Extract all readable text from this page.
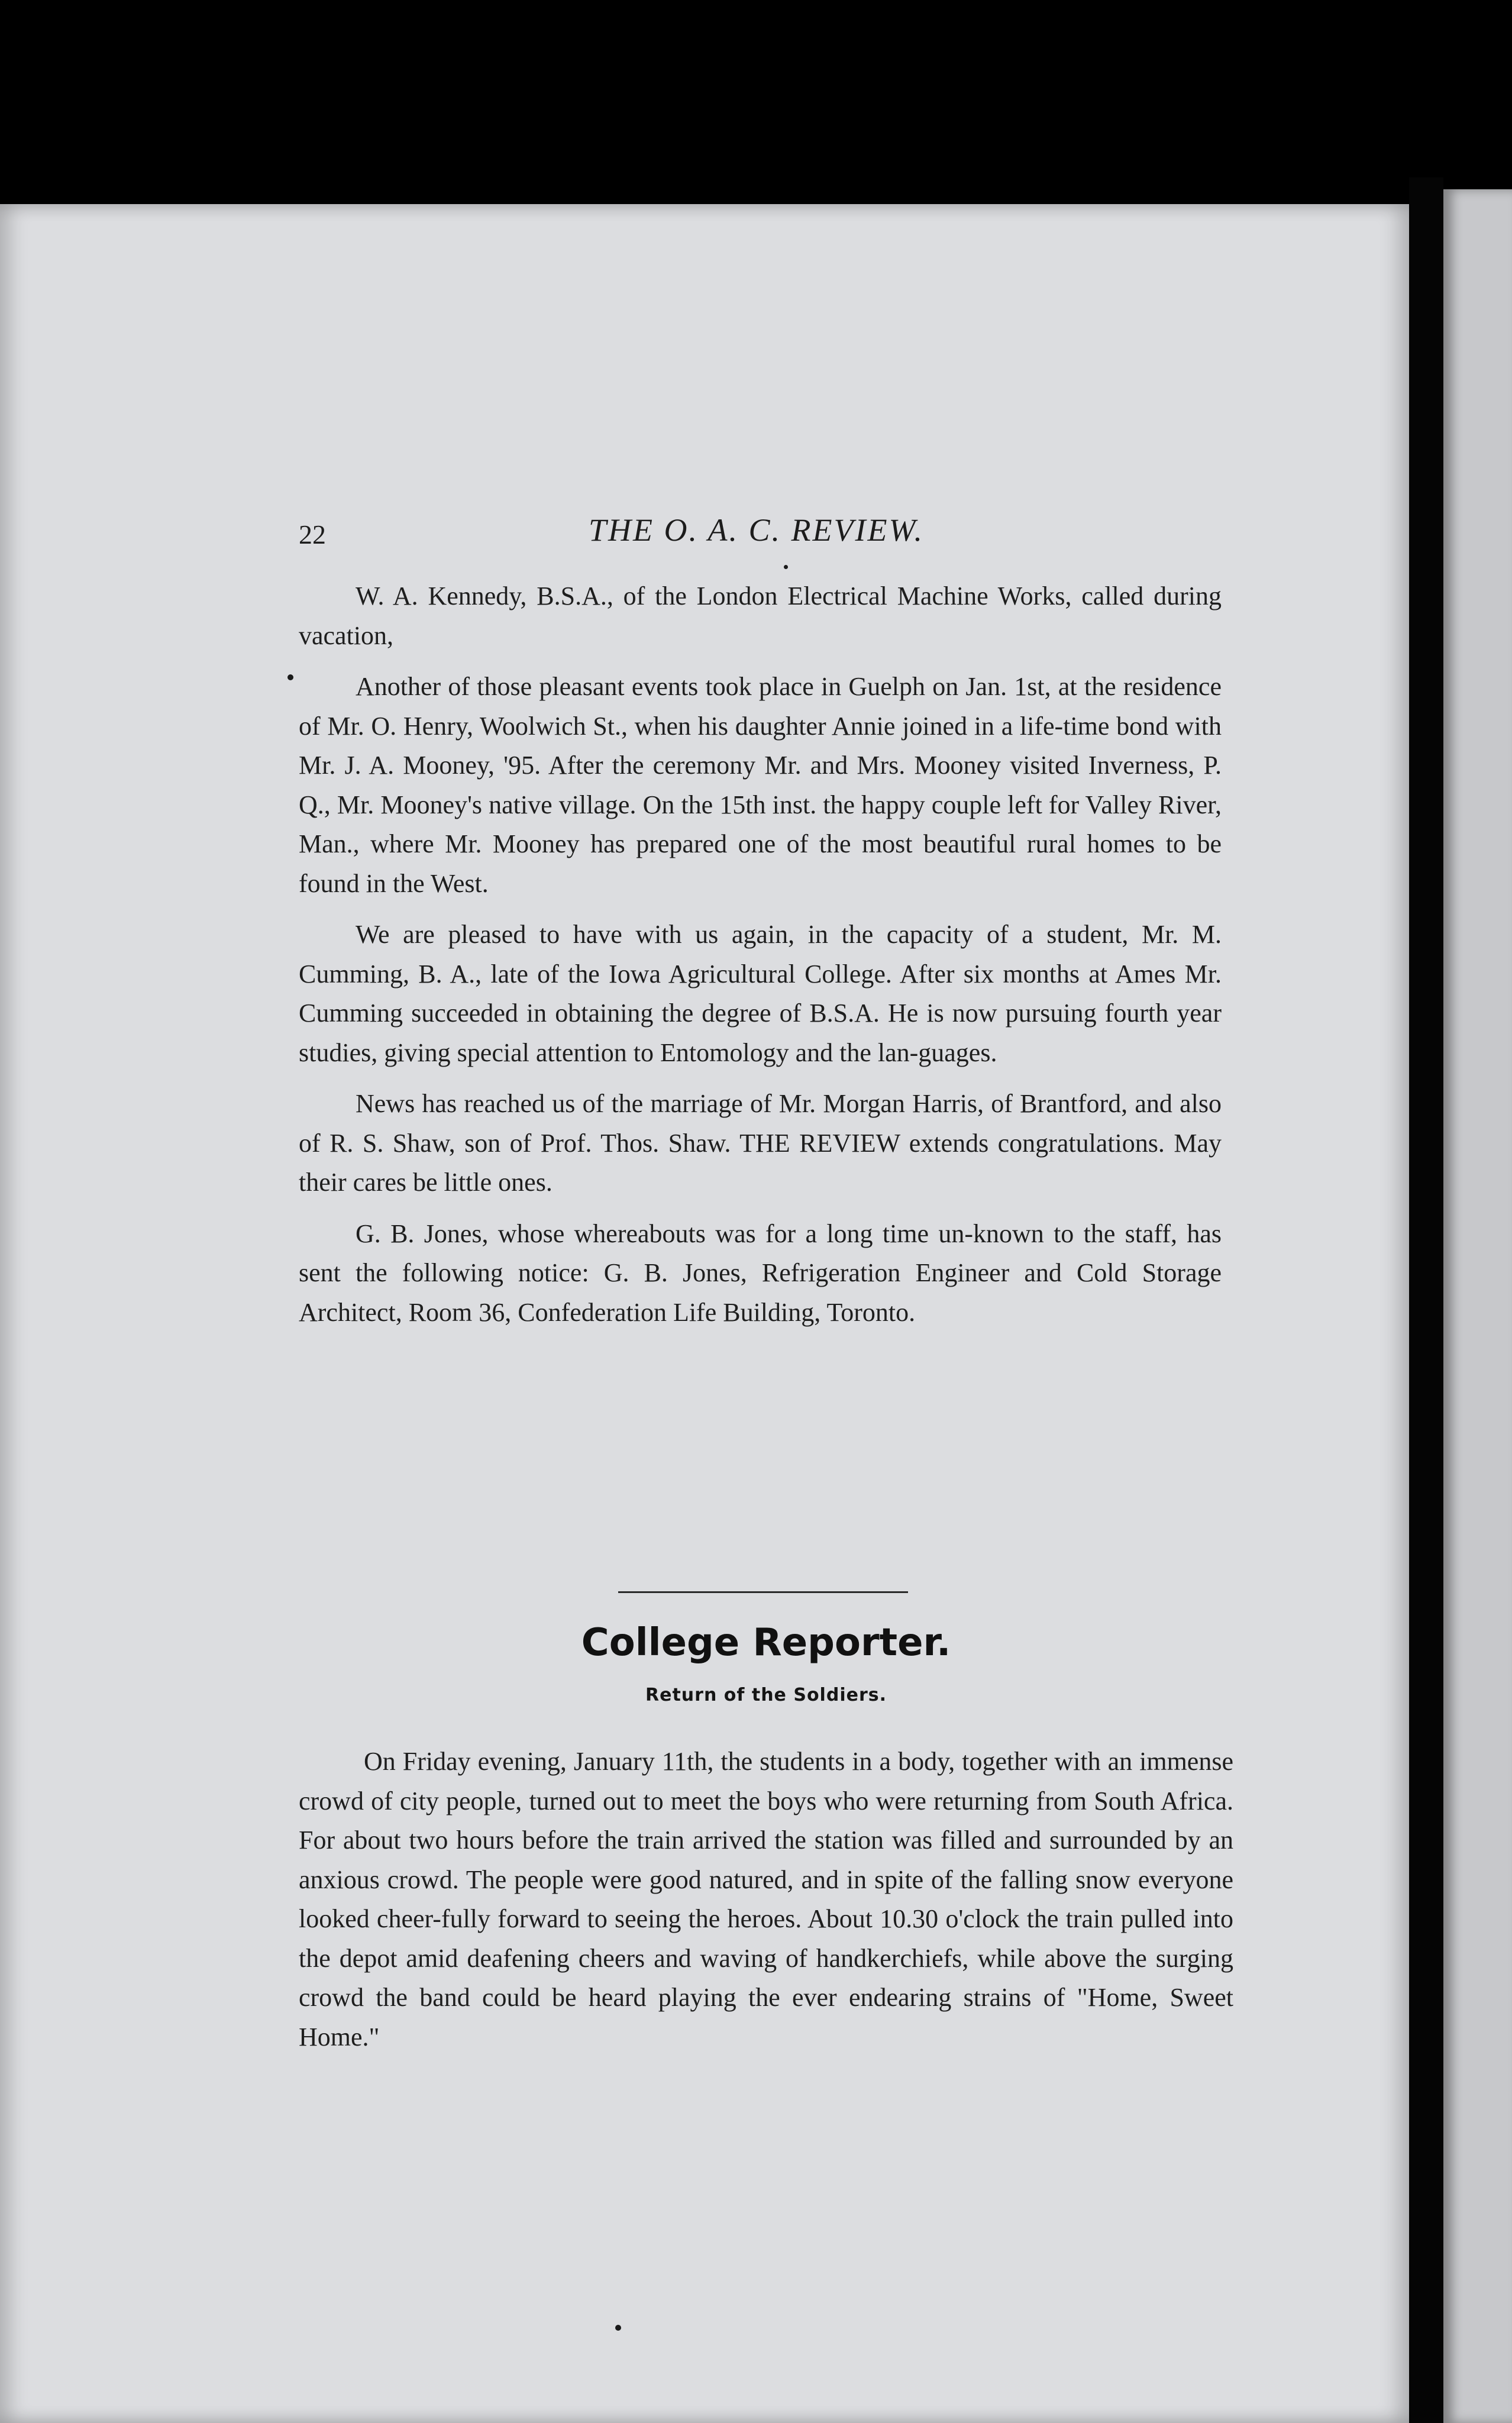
22	THE O. A. C. REVIEW.

W. A. Kennedy, B.S.A., of the London Electrical Machine Works, called during vacation,

Another of those pleasant events took place in Guelph on Jan. 1st, at the residence of Mr. O. Henry, Woolwich St., when his daughter Annie joined in a life-time bond with Mr. J. A. Mooney, '95. After the ceremony Mr. and Mrs. Mooney visited Inverness, P. Q., Mr. Mooney's native village. On the 15th inst. the happy couple left for Valley River, Man., where Mr. Mooney has prepared one of the most beautiful rural homes to be found in the West.

We are pleased to have with us again, in the capacity of a student, Mr. M. Cumming, B. A., late of the Iowa Agricultural College. After six months at Ames Mr. Cumming succeeded in obtaining the degree of B.S.A. He is now pursuing fourth year studies, giving special attention to Entomology and the lan-guages.

News has reached us of the marriage of Mr. Morgan Harris, of Brantford, and also of R. S. Shaw, son of Prof. Thos. Shaw. THE REVIEW extends congratulations. May their cares be little ones.

G. B. Jones, whose whereabouts was for a long time un-known to the staff, has sent the following notice: G. B. Jones, Refrigeration Engineer and Cold Storage Architect, Room 36, Confederation Life Building, Toronto.

College Reporter.
Return of the Soldiers.

On Friday evening, January 11th, the students in a body, together with an immense crowd of city people, turned out to meet the boys who were returning from South Africa. For about two hours before the train arrived the station was filled and surrounded by an anxious crowd. The people were good natured, and in spite of the falling snow everyone looked cheer-fully forward to seeing the heroes. About 10.30 o'clock the train pulled into the depot amid deafening cheers and waving of handkerchiefs, while above the surging crowd the band could be heard playing the ever endearing strains of "Home, Sweet Home."
